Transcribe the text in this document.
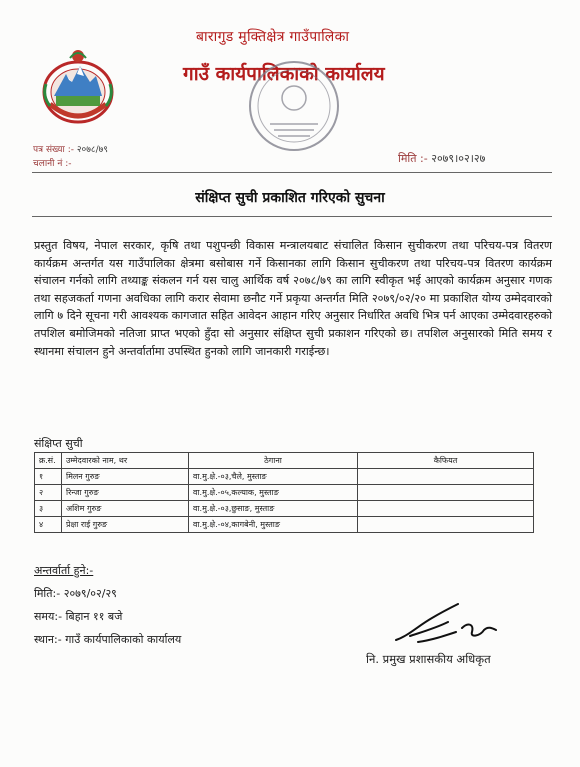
बारागुड मुक्तिक्षेत्र गाउँपालिका
गाउँ कार्यपालिकाको कार्यालय
पत्र संख्या :- २०७८/७९
चलानी नं :-	मिति :- २०७९।०२।२७
संक्षिप्त सुची प्रकाशित गरिएको सुचना
प्रस्तुत विषय, नेपाल सरकार, कृषि तथा पशुपन्छी विकास मन्त्रालयबाट संचालित किसान सुचीकरण तथा परिचय-पत्र वितरण कार्यक्रम अन्तर्गत यस गाउँपालिका क्षेत्रमा बसोबास गर्ने किसानका लागि किसान सुचीकरण तथा परिचय-पत्र वितरण कार्यक्रम संचालन गर्नको लागि तथ्याङ्क संकलन गर्न यस चालु आर्थिक वर्ष २०७८/७९ का लागि स्वीकृत भई आएको कार्यक्रम अनुसार गणक तथा सहजकर्ता गणना अवधिका लागि करार सेवामा छनौट गर्ने प्रकृया अन्तर्गत मिति २०७९/०२/२० मा प्रकाशित योग्य उम्मेदवारको लागि ७ दिने सूचना गरी आवश्यक कागजात सहित आवेदन आहान गरिए अनुसार निर्धारित अवधि भित्र पर्न आएका उम्मेदवारहरुको तपशिल बमोजिमको नतिजा प्राप्त भएको हुँदा सो अनुसार संक्षिप्त सुची प्रकाशन गरिएको छ। तपशिल अनुसारको मिति समय र स्थानमा संचालन हुने अन्तर्वार्तामा उपस्थित हुनको लागि जानकारी गराईन्छ।
संक्षिप्त सुची
क्र.सं.	उम्मेदवारको नाम, थर	ठेगाना	कैफियत
१	मिलन गुरुङ	वा.मु.क्षे.-०३,चैले, मुस्ताङ	
२	रिन्जा गुरुङ	वा.मु.क्षे.-०५,कल्याक, मुस्ताङ	
३	अशिम गुरुङ	वा.मु.क्षे.-०३,छुसाङ, मुस्ताङ	
४	प्रेक्षा राई गुरुङ	वा.मु.क्षे.-०४,कागबेनी, मुस्ताङ	
अन्तर्वार्ता हुने:-
मिति:- २०७९/०२/२९
समय:- बिहान ११ बजे
स्थान:- गाउँ कार्यपालिकाको कार्यालय
नि. प्रमुख प्रशासकीय अधिकृत
